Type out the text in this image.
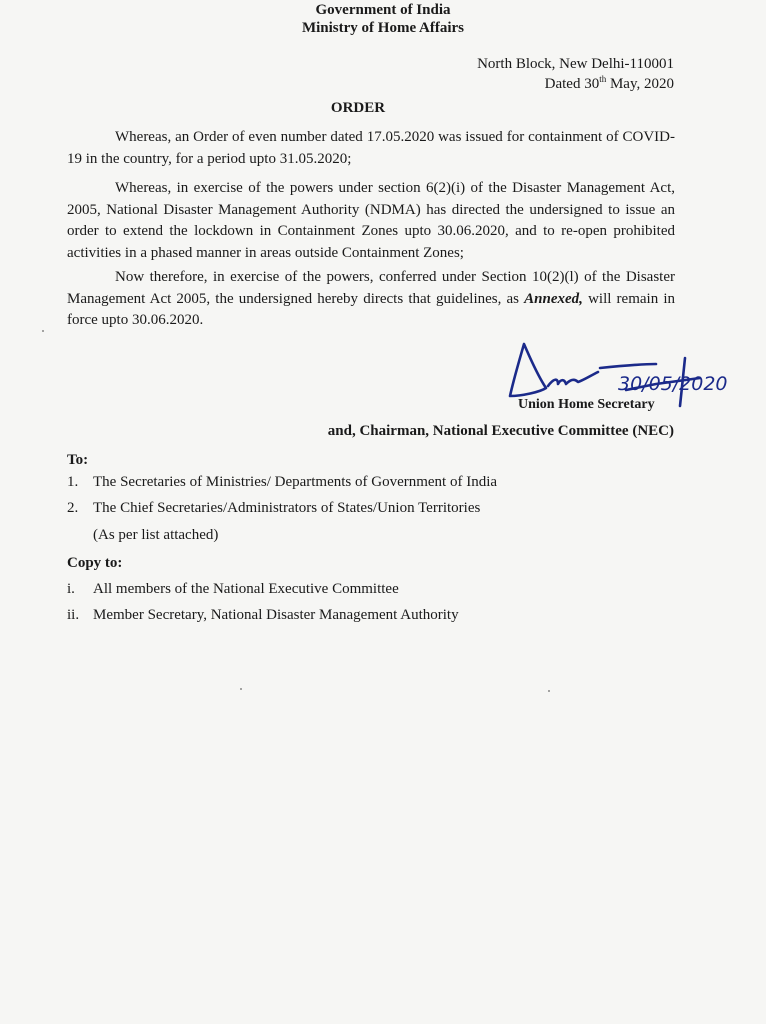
Government of India
Ministry of Home Affairs
North Block, New Delhi-110001
Dated 30th May, 2020
ORDER
Whereas, an Order of even number dated 17.05.2020 was issued for containment of COVID-19 in the country, for a period upto 31.05.2020;
Whereas, in exercise of the powers under section 6(2)(i) of the Disaster Management Act, 2005, National Disaster Management Authority (NDMA) has directed the undersigned to issue an order to extend the lockdown in Containment Zones upto 30.06.2020, and to re-open prohibited activities in a phased manner in areas outside Containment Zones;
Now therefore, in exercise of the powers, conferred under Section 10(2)(l) of the Disaster Management Act 2005, the undersigned hereby directs that guidelines, as Annexed, will remain in force upto 30.06.2020.
30/05/2020
Union Home Secretary
and, Chairman, National Executive Committee (NEC)
To:
1. The Secretaries of Ministries/ Departments of Government of India
2. The Chief Secretaries/Administrators of States/Union Territories
(As per list attached)
Copy to:
i. All members of the National Executive Committee
ii. Member Secretary, National Disaster Management Authority
